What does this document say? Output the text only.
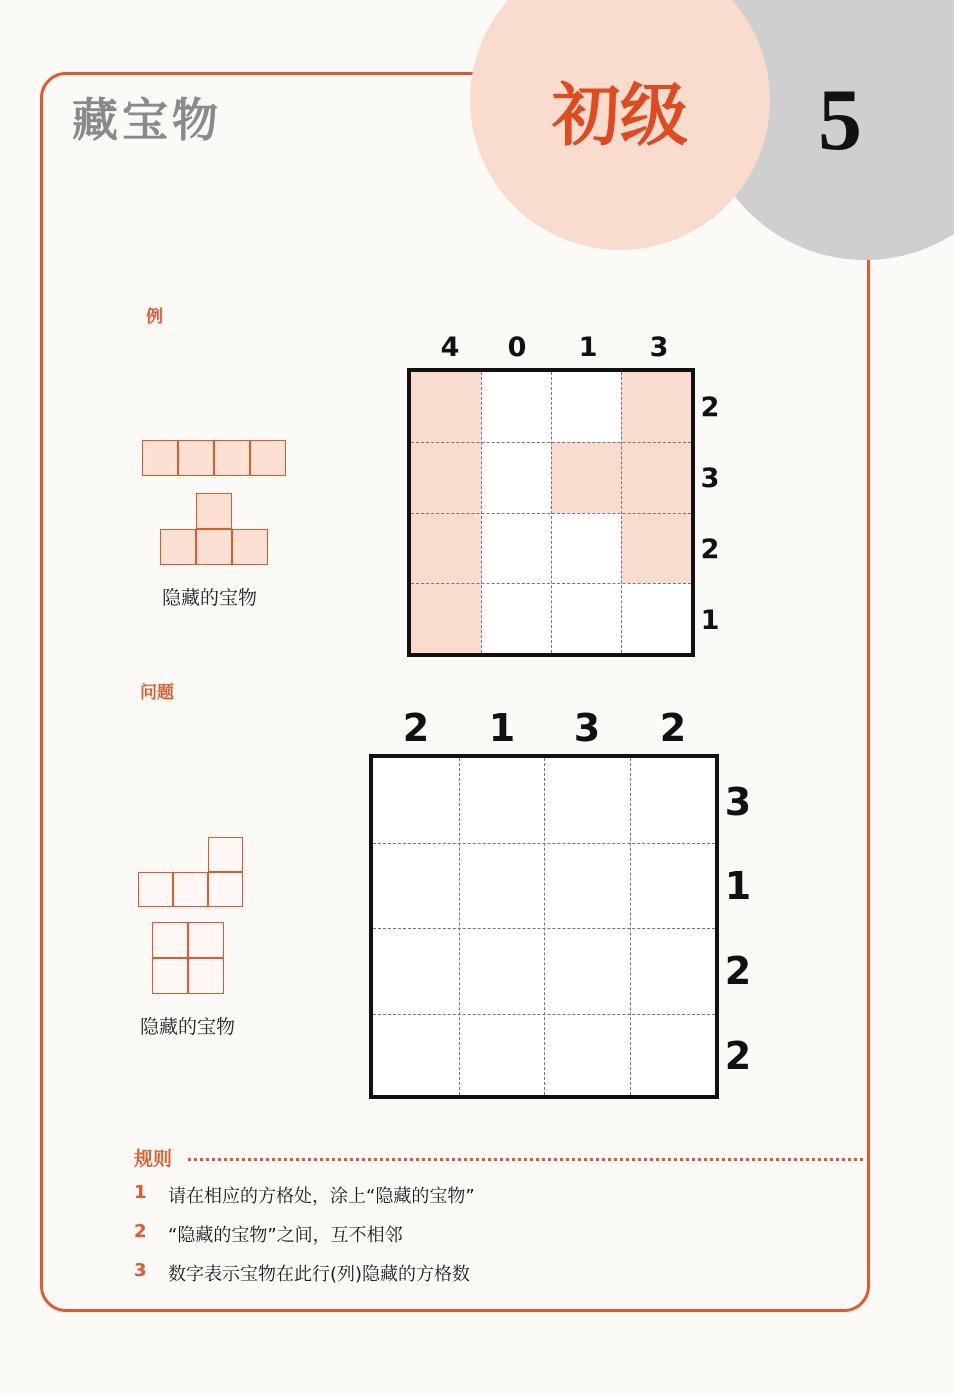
初级	5
藏宝物
例
隐藏的宝物
4	0	1	3
2
3
2
1
问题
隐藏的宝物
2 1 3 2
3
1
2
2
规则
1 请在相应的方格处，涂上“隐藏的宝物”
2 “隐藏的宝物”之间，互不相邻
3 数字表示宝物在此行(列)隐藏的方格数
